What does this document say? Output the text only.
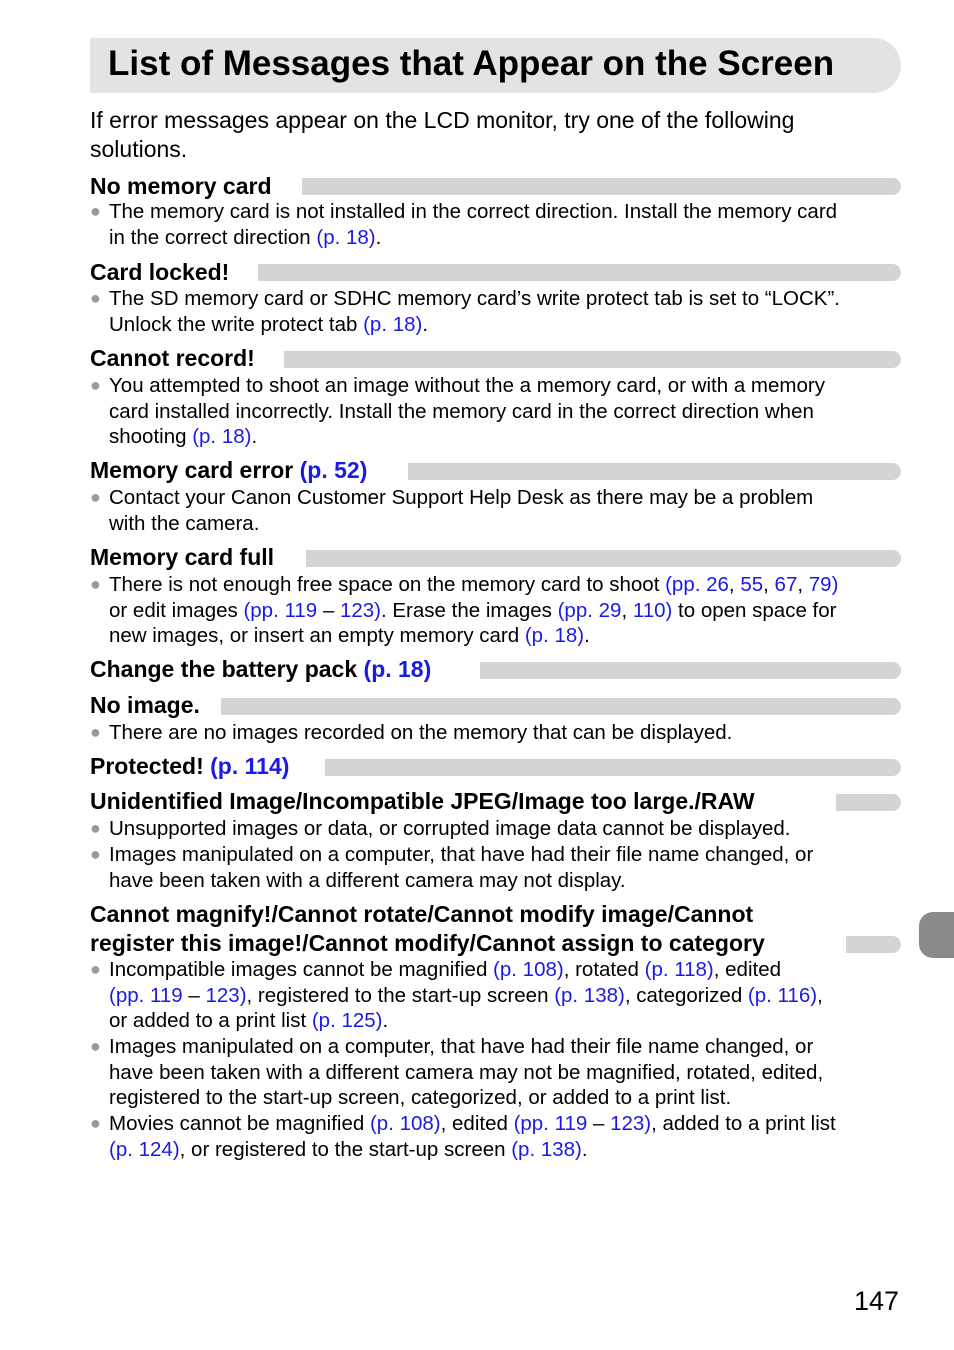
List of Messages that Appear on the Screen
If error messages appear on the LCD monitor, try one of the following
solutions.
● The memory card is not installed in the correct direction. Install the memory card
in the correct direction (p. 18).
● The SD memory card or SDHC memory card’s write protect tab is set to “LOCK”.
Unlock the write protect tab (p. 18).
● You attempted to shoot an image without the a memory card, or with a memory
card installed incorrectly. Install the memory card in the correct direction when
shooting (p. 18).
● Contact your Canon Customer Support Help Desk as there may be a problem
with the camera.
● There is not enough free space on the memory card to shoot (pp. 26, 55, 67, 79)
or edit images (pp. 119 – 123). Erase the images (pp. 29, 110) to open space for
new images, or insert an empty memory card (p. 18).
● There are no images recorded on the memory that can be displayed.
● Unsupported images or data, or corrupted image data cannot be displayed.
● Images manipulated on a computer, that have had their file name changed, or
have been taken with a different camera may not display.
● Incompatible images cannot be magnified (p. 108), rotated (p. 118), edited
(pp. 119 – 123), registered to the start-up screen (p. 138), categorized (p. 116),
or added to a print list (p. 125).
● Images manipulated on a computer, that have had their file name changed, or
have been taken with a different camera may not be magnified, rotated, edited,
registered to the start-up screen, categorized, or added to a print list.
● Movies cannot be magnified (p. 108), edited (pp. 119 – 123), added to a print list
(p. 124), or registered to the start-up screen (p. 138).
147
No memory card
Card locked!
Cannot record!
Memory card error (p. 52)
Memory card full
Change the battery pack (p. 18)
No image.
Protected! (p. 114)
Unidentified Image/Incompatible JPEG/Image too large./RAW
Cannot magnify!/Cannot rotate/Cannot modify image/Cannot
register this image!/Cannot modify/Cannot assign to category
